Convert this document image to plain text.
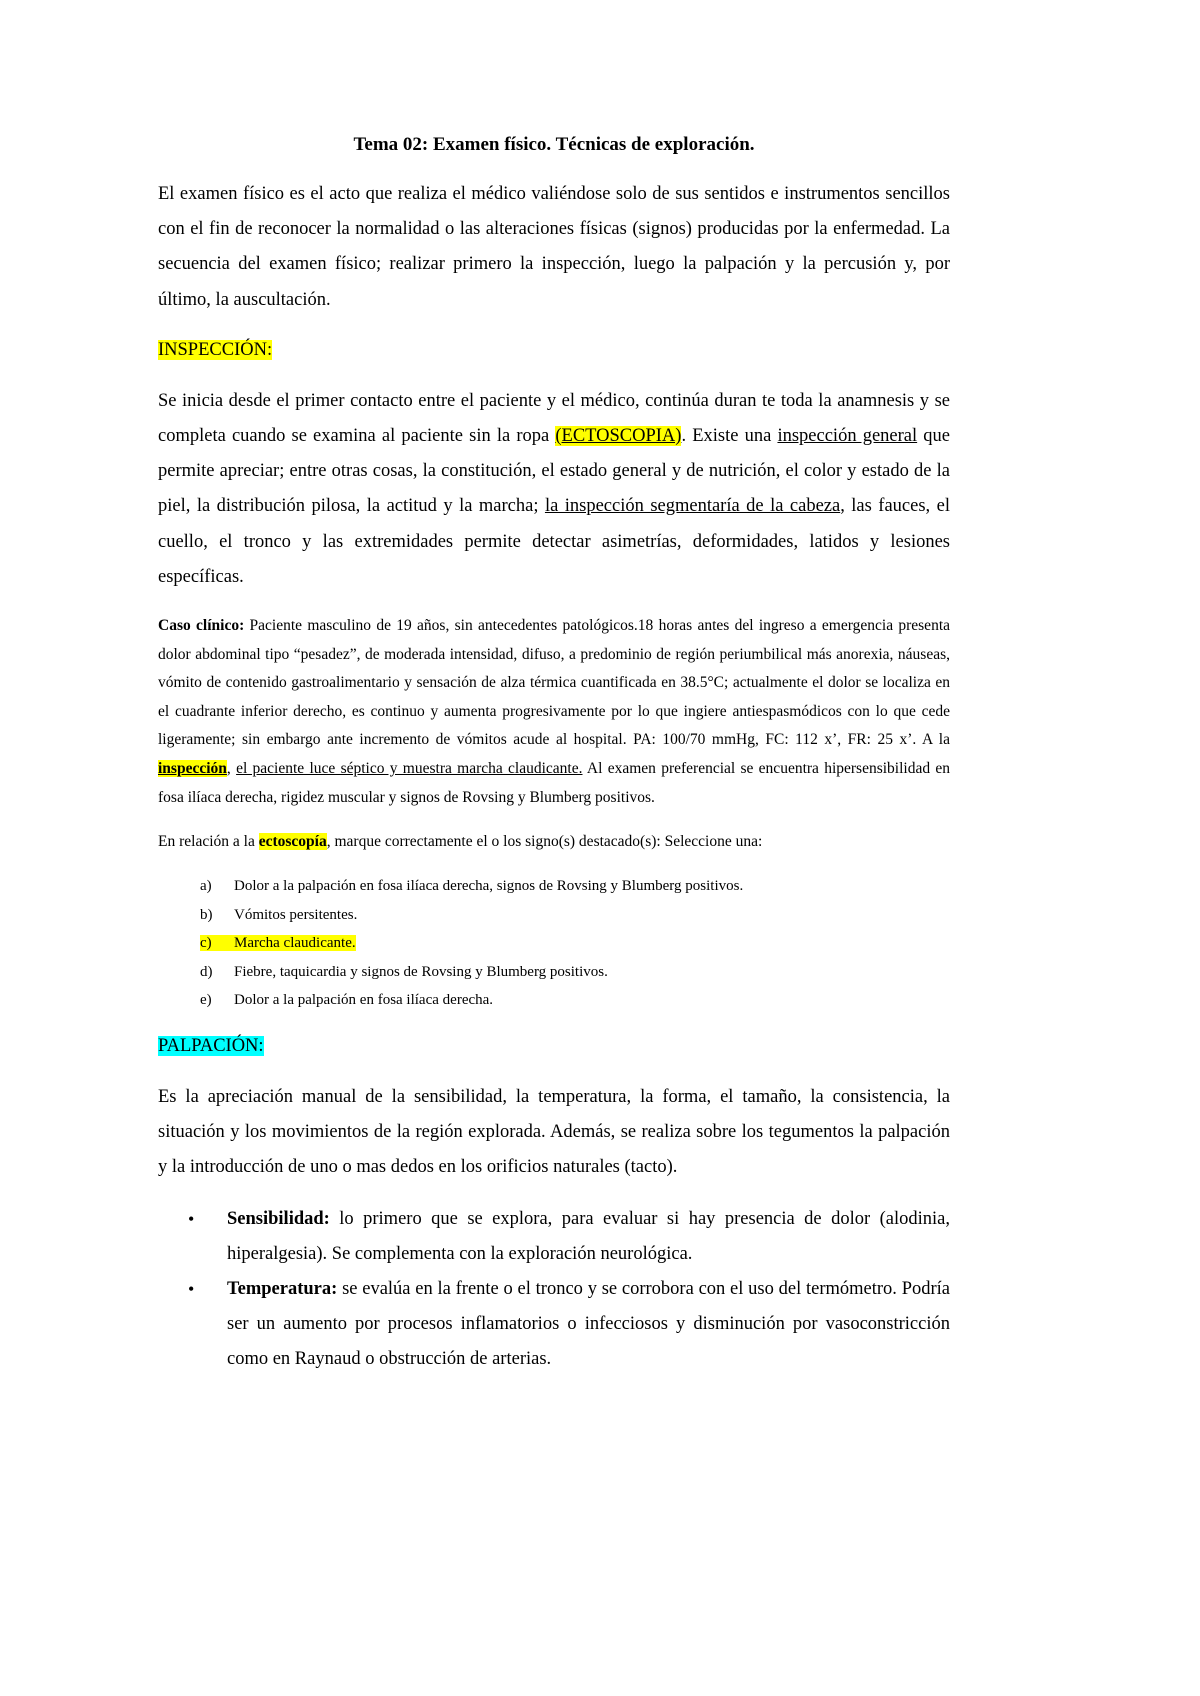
Tema 02: Examen físico. Técnicas de exploración.

El examen físico es el acto que realiza el médico valiéndose solo de sus sentidos e instrumentos sencillos con el fin de reconocer la normalidad o las alteraciones físicas (signos) producidas por la enfermedad. La secuencia del examen físico; realizar primero la inspección, luego la palpación y la percusión y, por último, la auscultación.

INSPECCIÓN:

Se inicia desde el primer contacto entre el paciente y el médico, continúa duran te toda la anamnesis y se completa cuando se examina al paciente sin la ropa (ECTOSCOPIA). Existe una inspección general que permite apreciar; entre otras cosas, la constitución, el estado general y de nutrición, el color y estado de la piel, la distribución pilosa, la actitud y la marcha; la inspección segmentaría de la cabeza, las fauces, el cuello, el tronco y las extremidades permite detectar asimetrías, deformidades, latidos y lesiones específicas.

Caso clínico: Paciente masculino de 19 años, sin antecedentes patológicos.18 horas antes del ingreso a emergencia presenta dolor abdominal tipo “pesadez”, de moderada intensidad, difuso, a predominio de región periumbilical más anorexia, náuseas, vómito de contenido gastroalimentario y sensación de alza térmica cuantificada en 38.5°C; actualmente el dolor se localiza en el cuadrante inferior derecho, es continuo y aumenta progresivamente por lo que ingiere antiespasmódicos con lo que cede ligeramente; sin embargo ante incremento de vómitos acude al hospital. PA: 100/70 mmHg, FC: 112 x’, FR: 25 x’. A la inspección, el paciente luce séptico y muestra marcha claudicante. Al examen preferencial se encuentra hipersensibilidad en fosa ilíaca derecha, rigidez muscular y signos de Rovsing y Blumberg positivos.

En relación a la ectoscopía, marque correctamente el o los signo(s) destacado(s): Seleccione una:

a) Dolor a la palpación en fosa ilíaca derecha, signos de Rovsing y Blumberg positivos.
b) Vómitos persitentes.
c) Marcha claudicante.
d) Fiebre, taquicardia y signos de Rovsing y Blumberg positivos.
e) Dolor a la palpación en fosa ilíaca derecha.

PALPACIÓN:

Es la apreciación manual de la sensibilidad, la temperatura, la forma, el tamaño, la consistencia, la situación y los movimientos de la región explorada. Además, se realiza sobre los tegumentos la palpación y la introducción de uno o mas dedos en los orificios naturales (tacto).

• Sensibilidad: lo primero que se explora, para evaluar si hay presencia de dolor (alodinia, hiperalgesia). Se complementa con la exploración neurológica.
• Temperatura: se evalúa en la frente o el tronco y se corrobora con el uso del termómetro. Podría ser un aumento por procesos inflamatorios o infecciosos y disminución por vasoconstricción como en Raynaud o obstrucción de arterias.
